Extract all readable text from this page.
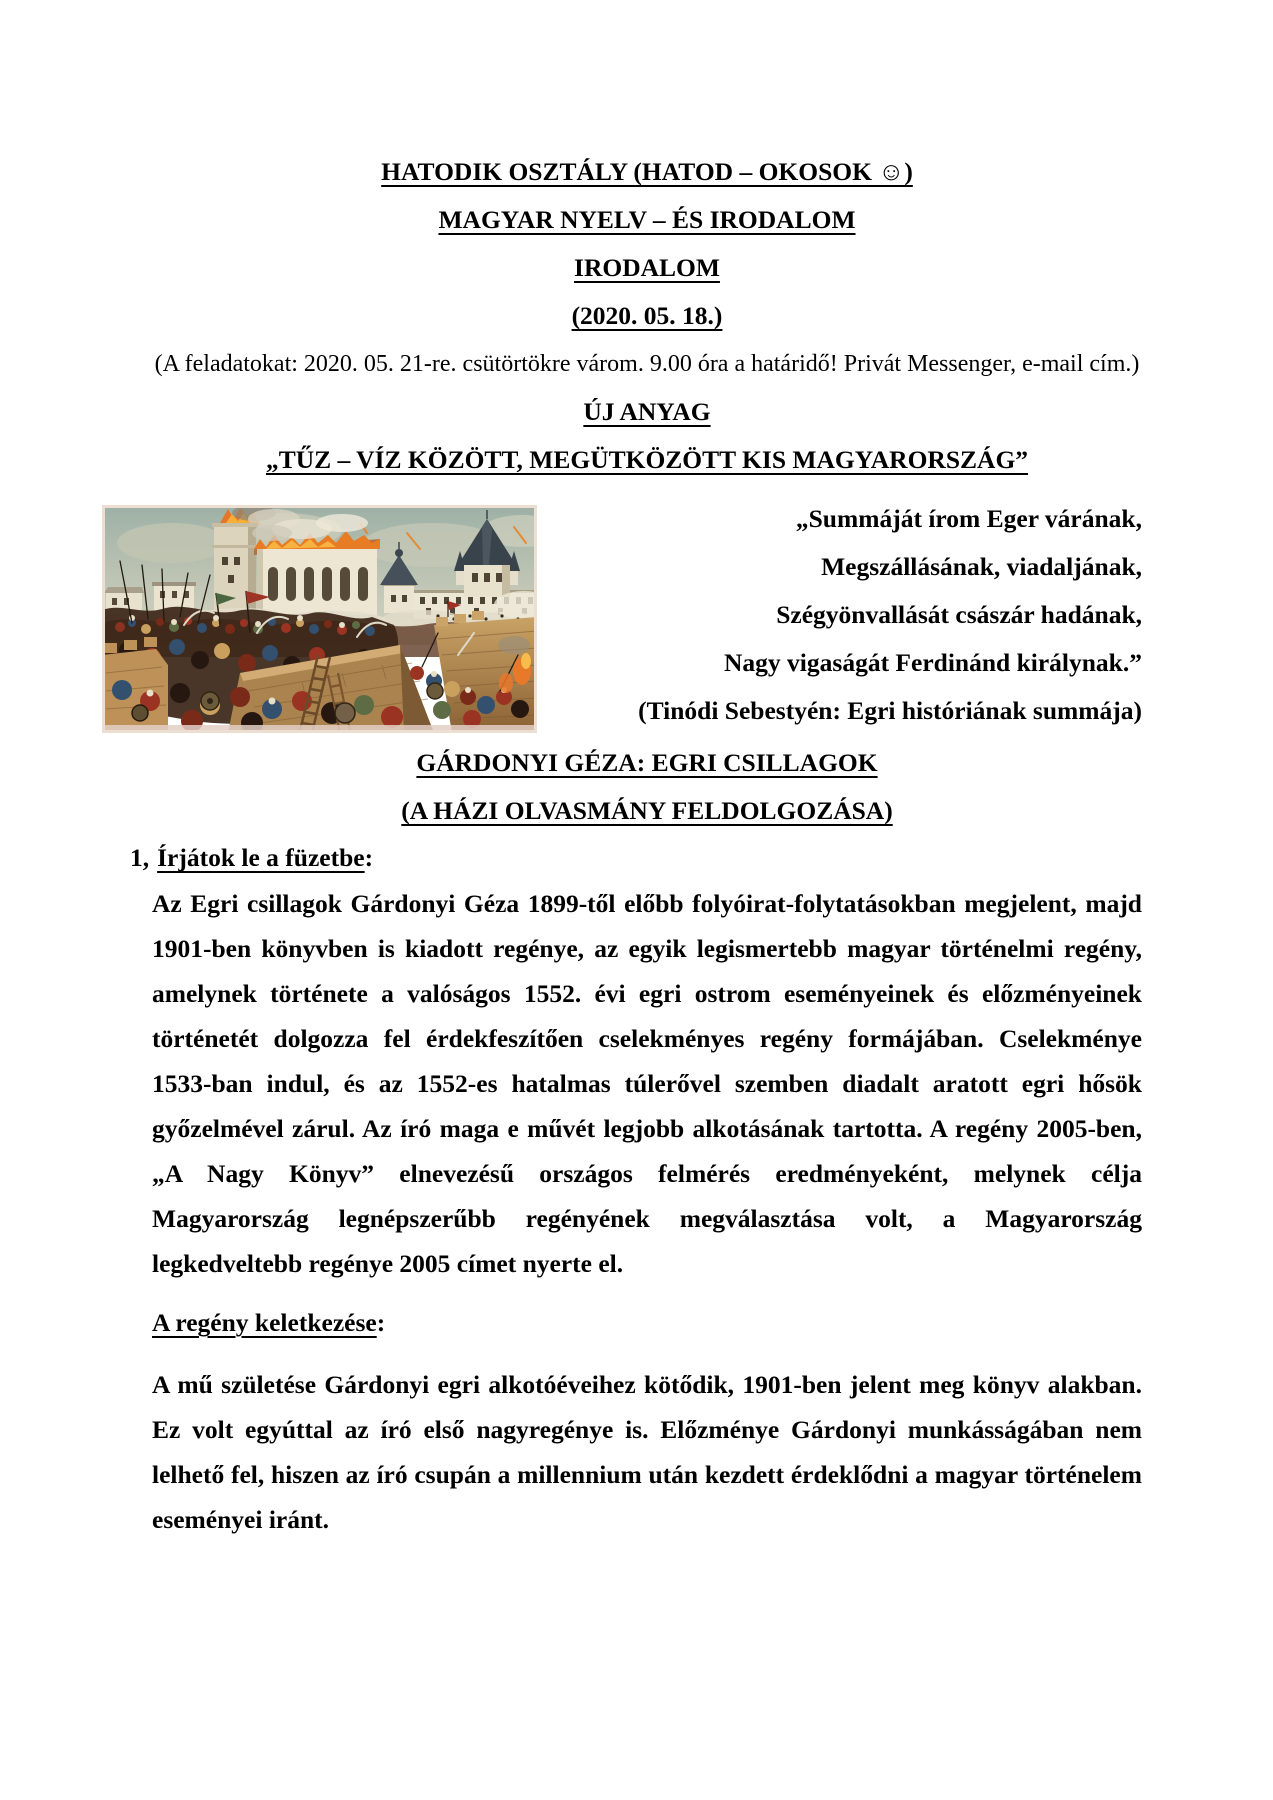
HATODIK OSZTÁLY (HATOD – OKOSOK ☺)
MAGYAR NYELV – ÉS IRODALOM
IRODALOM
(2020. 05. 18.)
(A feladatokat: 2020. 05. 21-re. csütörtökre várom. 9.00 óra a határidő! Privát Messenger, e-mail cím.)
ÚJ ANYAG
„TŰZ – VÍZ KÖZÖTT, MEGÜTKÖZÖTT KIS MAGYARORSZÁG”
„Summáját írom Eger várának,
Megszállásának, viadaljának,
Szégyönvallását császár hadának,
Nagy vigaságát Ferdinánd királynak.”
(Tinódi Sebestyén: Egri históriának summája)
GÁRDONYI GÉZA: EGRI CSILLAGOK
(A HÁZI OLVASMÁNY FELDOLGOZÁSA)
1, Írjátok le a füzetbe:

Az Egri csillagok Gárdonyi Géza 1899-től előbb folyóirat-folytatásokban megjelent, majd 1901-ben könyvben is kiadott regénye, az egyik legismertebb magyar történelmi regény, amelynek története a valóságos 1552. évi egri ostrom eseményeinek és előzményeinek történetét dolgozza fel érdekfeszítően cselekményes regény formájában. Cselekménye 1533-ban indul, és az 1552-es hatalmas túlerővel szemben diadalt aratott egri hősök győzelmével zárul. Az író maga e művét legjobb alkotásának tartotta. A regény 2005-ben, „A Nagy Könyv” elnevezésű országos felmérés eredményeként, melynek célja Magyarország legnépszerűbb regényének megválasztása volt, a Magyarország legkedveltebb regénye 2005 címet nyerte el.

A regény keletkezése:

A mű születése Gárdonyi egri alkotóéveihez kötődik, 1901-ben jelent meg könyv alakban. Ez volt egyúttal az író első nagyregénye is. Előzménye Gárdonyi munkásságában nem lelhető fel, hiszen az író csupán a millennium után kezdett érdeklődni a magyar történelem eseményei iránt.
